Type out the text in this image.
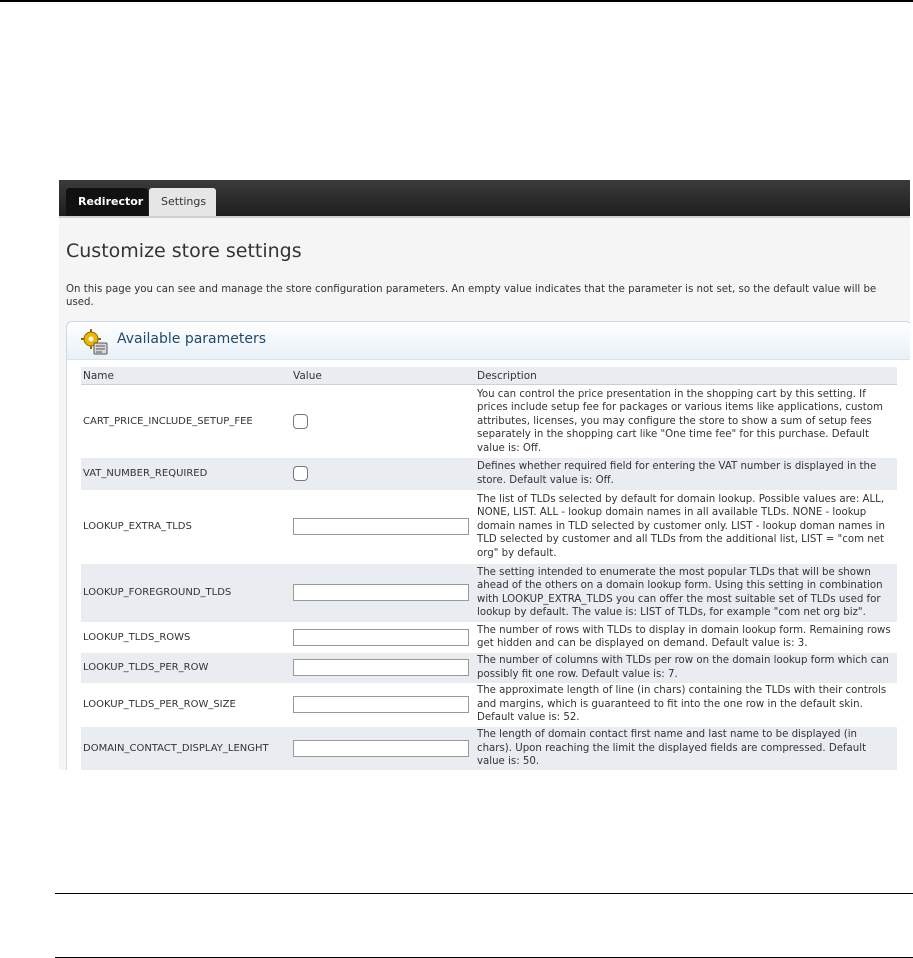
Redirector	Settings
Customize store settings
On this page you can see and manage the store configuration parameters. An empty value indicates that the parameter is not set, so the default value will be used.
Available parameters
Name	Value	Description
CART_PRICE_INCLUDE_SETUP_FEE		You can control the price presentation in the shopping cart by this setting. If prices include setup fee for packages or various items like applications, custom attributes, licenses, you may configure the store to show a sum of setup fees separately in the shopping cart like "One time fee" for this purchase. Default value is: Off.
VAT_NUMBER_REQUIRED		Defines whether required field for entering the VAT number is displayed in the store. Default value is: Off.
LOOKUP_EXTRA_TLDS		The list of TLDs selected by default for domain lookup. Possible values are: ALL, NONE, LIST. ALL - lookup domain names in all available TLDs. NONE - lookup domain names in TLD selected by customer only. LIST - lookup doman names in TLD selected by customer and all TLDs from the additional list, LIST = "com net org" by default.
LOOKUP_FOREGROUND_TLDS		The setting intended to enumerate the most popular TLDs that will be shown ahead of the others on a domain lookup form. Using this setting in combination with LOOKUP_EXTRA_TLDS you can offer the most suitable set of TLDs used for lookup by default. The value is: LIST of TLDs, for example "com net org biz".
LOOKUP_TLDS_ROWS		The number of rows with TLDs to display in domain lookup form. Remaining rows get hidden and can be displayed on demand. Default value is: 3.
LOOKUP_TLDS_PER_ROW		The number of columns with TLDs per row on the domain lookup form which can possibly fit one row. Default value is: 7.
LOOKUP_TLDS_PER_ROW_SIZE		The approximate length of line (in chars) containing the TLDs with their controls and margins, which is guaranteed to fit into the one row in the default skin. Default value is: 52.
DOMAIN_CONTACT_DISPLAY_LENGHT		The length of domain contact first name and last name to be displayed (in chars). Upon reaching the limit the displayed fields are compressed. Default value is: 50.
